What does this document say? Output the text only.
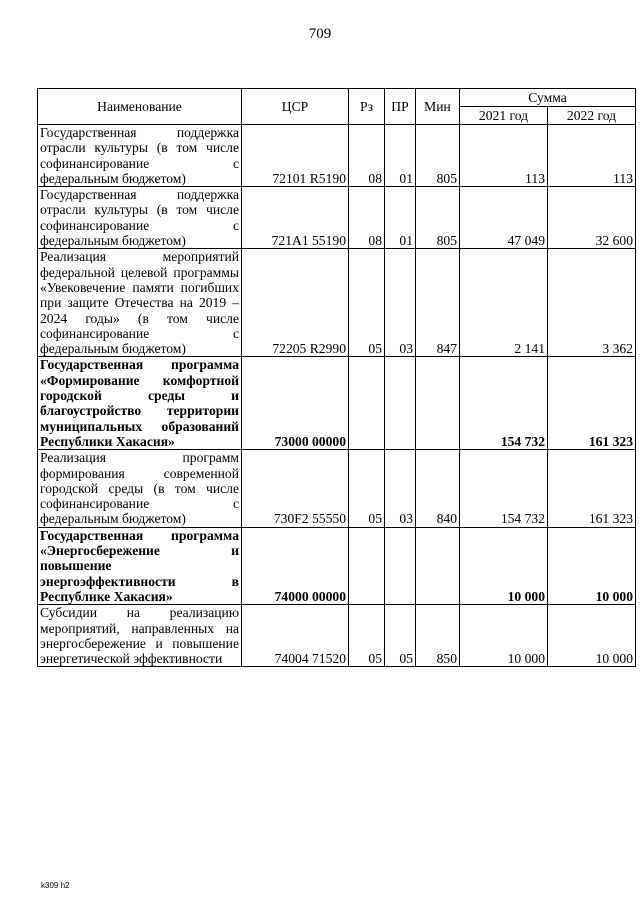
709
Наименование	ЦСР	Рз	ПР	Мин	Сумма	
					2021 год	2022 год
Государственная поддержка отрасли культуры (в том числе софинансирование с федеральным бюджетом)	72101 R5190	08	01	805	113	113
Государственная поддержка отрасли культуры (в том числе софинансирование с федеральным бюджетом)	721A1 55190	08	01	805	47 049	32 600
Реализация мероприятий федеральной целевой программы «Увековечение памяти погибших при защите Отечества на 2019 – 2024 годы» (в том числе софинансирование с федеральным бюджетом)	72205 R2990	05	03	847	2 141	3 362
Государственная программа «Формирование комфортной городской среды и благоустройство территории муниципальных образований Республики Хакасия»	73000 00000				154 732	161 323
Реализация программ формирования современной городской среды (в том числе софинансирование с федеральным бюджетом)	730F2 55550	05	03	840	154 732	161 323
Государственная программа «Энергосбережение и повышение энергоэффективности в Республике Хакасия»	74000 00000				10 000	10 000
Субсидии на реализацию мероприятий, направленных на энергосбережение и повышение энергетической эффективности	74004 71520	05	05	850	10 000	10 000
k309 h2
